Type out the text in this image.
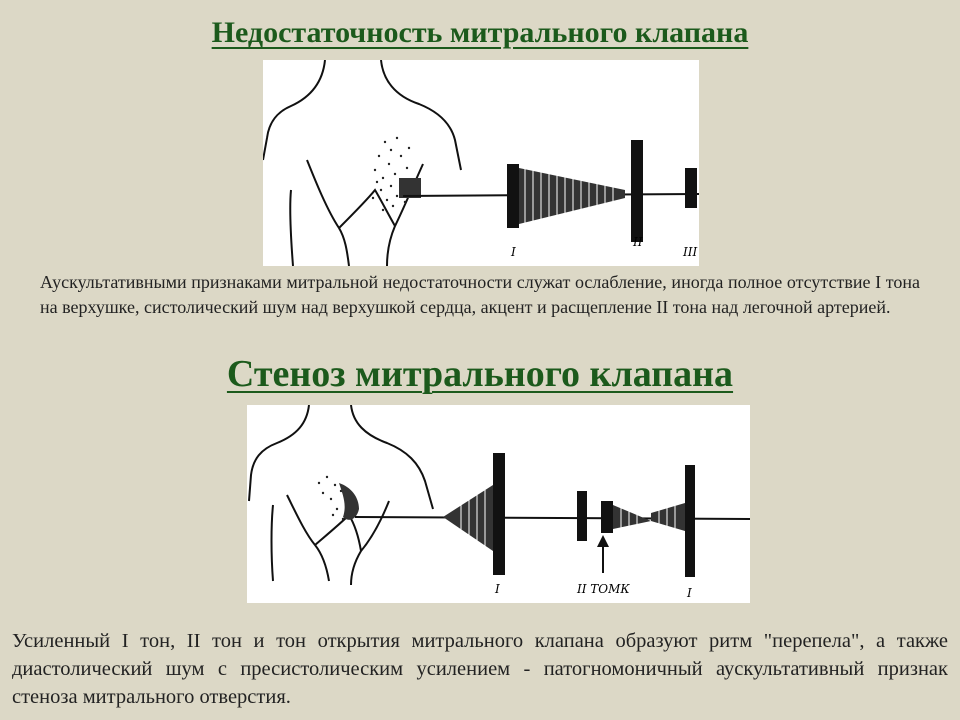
Недостаточность митрального клапана
I
II
III
Аускультативными признаками митральной недостаточности служат ослабление, иногда полное отсутствие I тона на верхушке, систолический шум над верхушкой сердца, акцент и расщепление II тона над легочной артерией.
Стеноз митрального клапана
I	II ТОМК	I
Усиленный I тон, II тон и тон открытия митрального клапана образуют ритм "перепела", а также диастолический шум с пресистолическим усилением - патогномоничный аускультативный признак стеноза митрального отверстия.
